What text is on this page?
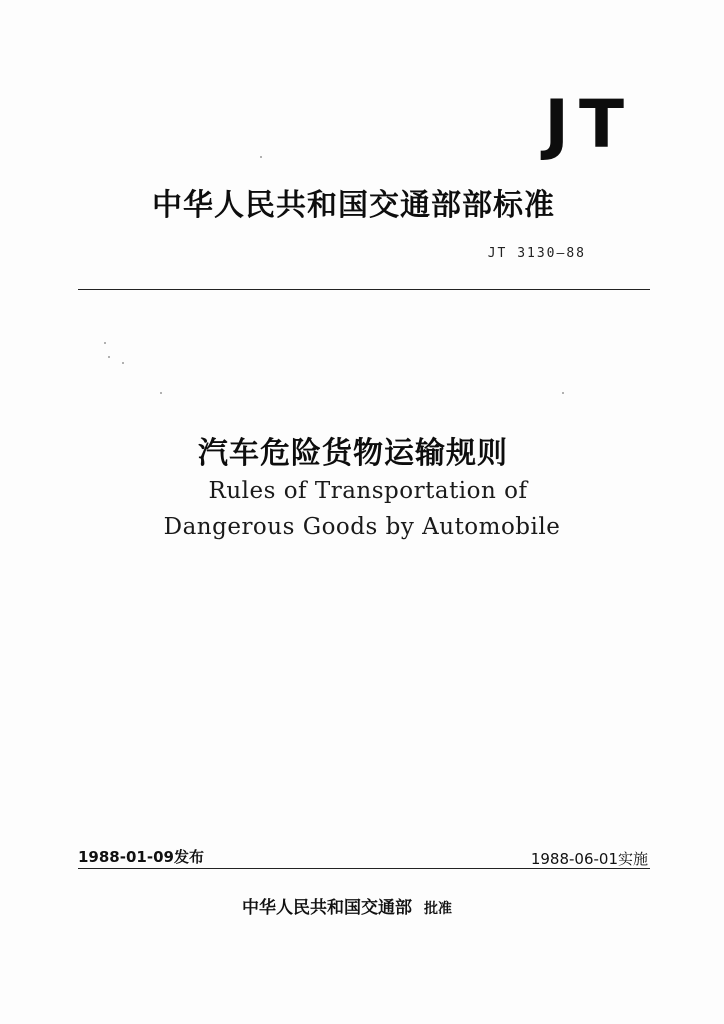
JT
中华人民共和国交通部部标准
JT 3130—88
汽车危险货物运输规则
Rules of Transportation of
Dangerous Goods by Automobile
1988-01-09发布	1988-06-01实施
中华人民共和国交通部 批准
